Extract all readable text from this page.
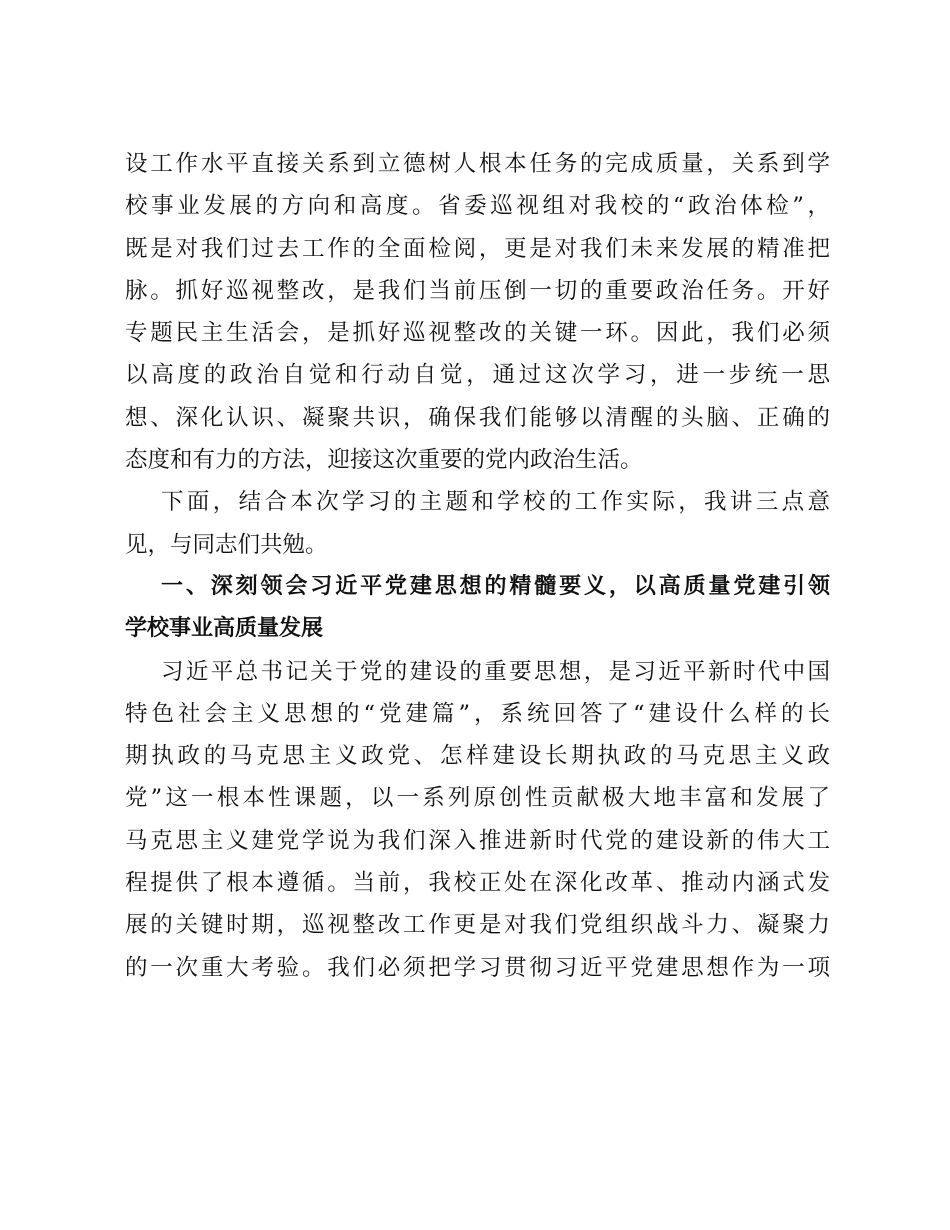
设工作水平直接关系到立德树人根本任务的完成质量，关系到学
校事业发展的方向和高度。省委巡视组对我校的“政治体检”，
既是对我们过去工作的全面检阅，更是对我们未来发展的精准把
脉。抓好巡视整改，是我们当前压倒一切的重要政治任务。开好
专题民主生活会，是抓好巡视整改的关键一环。因此，我们必须
以高度的政治自觉和行动自觉，通过这次学习，进一步统一思
想、深化认识、凝聚共识，确保我们能够以清醒的头脑、正确的
态度和有力的方法，迎接这次重要的党内政治生活。
下面，结合本次学习的主题和学校的工作实际，我讲三点意
见，与同志们共勉。
一、深刻领会习近平党建思想的精髓要义，以高质量党建引领
学校事业高质量发展
习近平总书记关于党的建设的重要思想，是习近平新时代中国
特色社会主义思想的“党建篇”，系统回答了“建设什么样的长
期执政的马克思主义政党、怎样建设长期执政的马克思主义政
党”这一根本性课题，以一系列原创性贡献极大地丰富和发展了
马克思主义建党学说为我们深入推进新时代党的建设新的伟大工
程提供了根本遵循。当前，我校正处在深化改革、推动内涵式发
展的关键时期，巡视整改工作更是对我们党组织战斗力、凝聚力
的一次重大考验。我们必须把学习贯彻习近平党建思想作为一项
